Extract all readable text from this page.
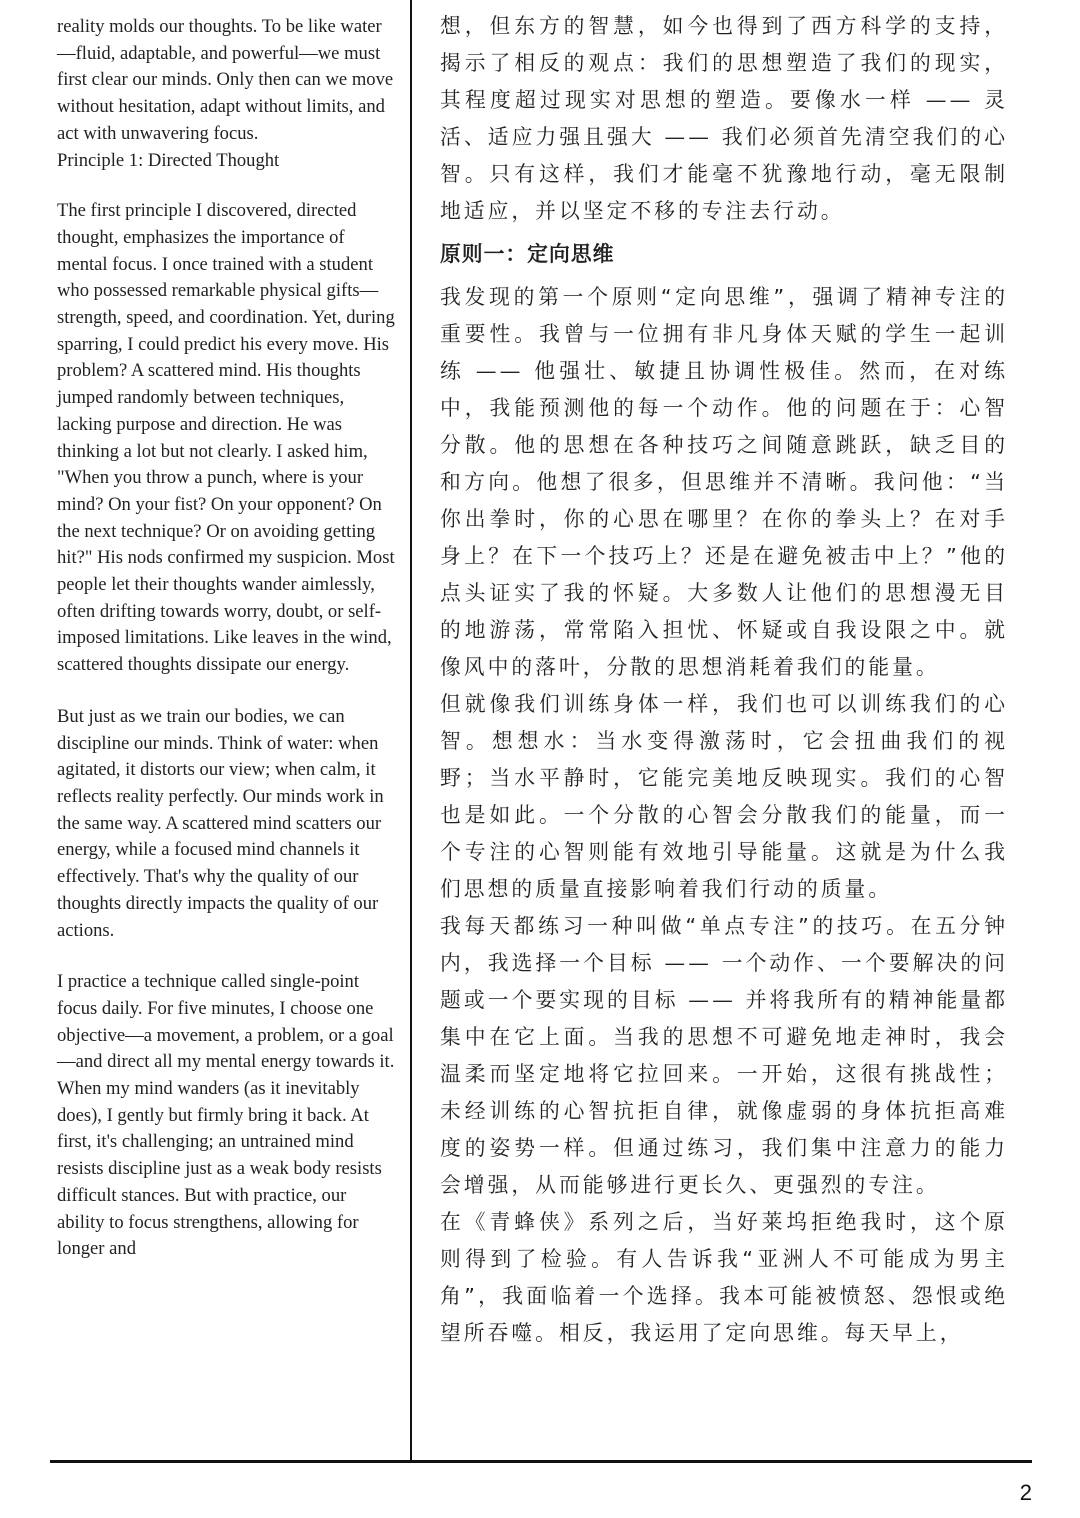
reality molds our thoughts. To be like water—fluid, adaptable, and powerful—we must first clear our minds. Only then can we move without hesitation, adapt without limits, and act with unwavering focus.

Principle 1: Directed Thought

The first principle I discovered, directed thought, emphasizes the importance of mental focus. I once trained with a student who possessed remarkable physical gifts—strength, speed, and coordination. Yet, during sparring, I could predict his every move. His problem? A scattered mind. His thoughts jumped randomly between techniques, lacking purpose and direction. He was thinking a lot but not clearly. I asked him, "When you throw a punch, where is your mind? On your fist? On your opponent? On the next technique? Or on avoiding getting hit?" His nods confirmed my suspicion. Most people let their thoughts wander aimlessly, often drifting towards worry, doubt, or self-imposed limitations. Like leaves in the wind, scattered thoughts dissipate our energy.

But just as we train our bodies, we can discipline our minds. Think of water: when agitated, it distorts our view; when calm, it reflects reality perfectly. Our minds work in the same way. A scattered mind scatters our energy, while a focused mind channels it effectively. That's why the quality of our thoughts directly impacts the quality of our actions.

I practice a technique called single-point focus daily. For five minutes, I choose one objective—a movement, a problem, or a goal—and direct all my mental energy towards it. When my mind wanders (as it inevitably does), I gently but firmly bring it back. At first, it's challenging; an untrained mind resists discipline just as a weak body resists difficult stances. But with practice, our ability to focus strengthens, allowing for longer and

想，但东方的智慧，如今也得到了西方科学的支持，揭示了相反的观点：我们的思想塑造了我们的现实，其程度超过现实对思想的塑造。要像水一样 —— 灵活、适应力强且强大 —— 我们必须首先清空我们的心智。只有这样，我们才能毫不犹豫地行动，毫无限制地适应，并以坚定不移的专注去行动。

原则一：定向思维

我发现的第一个原则“定向思维”，强调了精神专注的重要性。我曾与一位拥有非凡身体天赋的学生一起训练 —— 他强壮、敏捷且协调性极佳。然而，在对练中，我能预测他的每一个动作。他的问题在于：心智分散。他的思想在各种技巧之间随意跳跃，缺乏目的和方向。他想了很多，但思维并不清晰。我问他：“当你出拳时，你的心思在哪里？在你的拳头上？在对手身上？在下一个技巧上？还是在避免被击中上？”他的点头证实了我的怀疑。大多数人让他们的思想漫无目的地游荡，常常陷入担忧、怀疑或自我设限之中。就像风中的落叶，分散的思想消耗着我们的能量。

但就像我们训练身体一样，我们也可以训练我们的心智。想想水：当水变得激荡时，它会扭曲我们的视野；当水平静时，它能完美地反映现实。我们的心智也是如此。一个分散的心智会分散我们的能量，而一个专注的心智则能有效地引导能量。这就是为什么我们思想的质量直接影响着我们行动的质量。

我每天都练习一种叫做“单点专注”的技巧。在五分钟内，我选择一个目标 —— 一个动作、一个要解决的问题或一个要实现的目标 —— 并将我所有的精神能量都集中在它上面。当我的思想不可避免地走神时，我会温柔而坚定地将它拉回来。一开始，这很有挑战性；未经训练的心智抗拒自律，就像虚弱的身体抗拒高难度的姿势一样。但通过练习，我们集中注意力的能力会增强，从而能够进行更长久、更强烈的专注。

在《青蜂侠》系列之后，当好莱坞拒绝我时，这个原则得到了检验。有人告诉我“亚洲人不可能成为男主角”，我面临着一个选择。我本可能被愤怒、怨恨或绝望所吞噬。相反，我运用了定向思维。每天早上，

2
